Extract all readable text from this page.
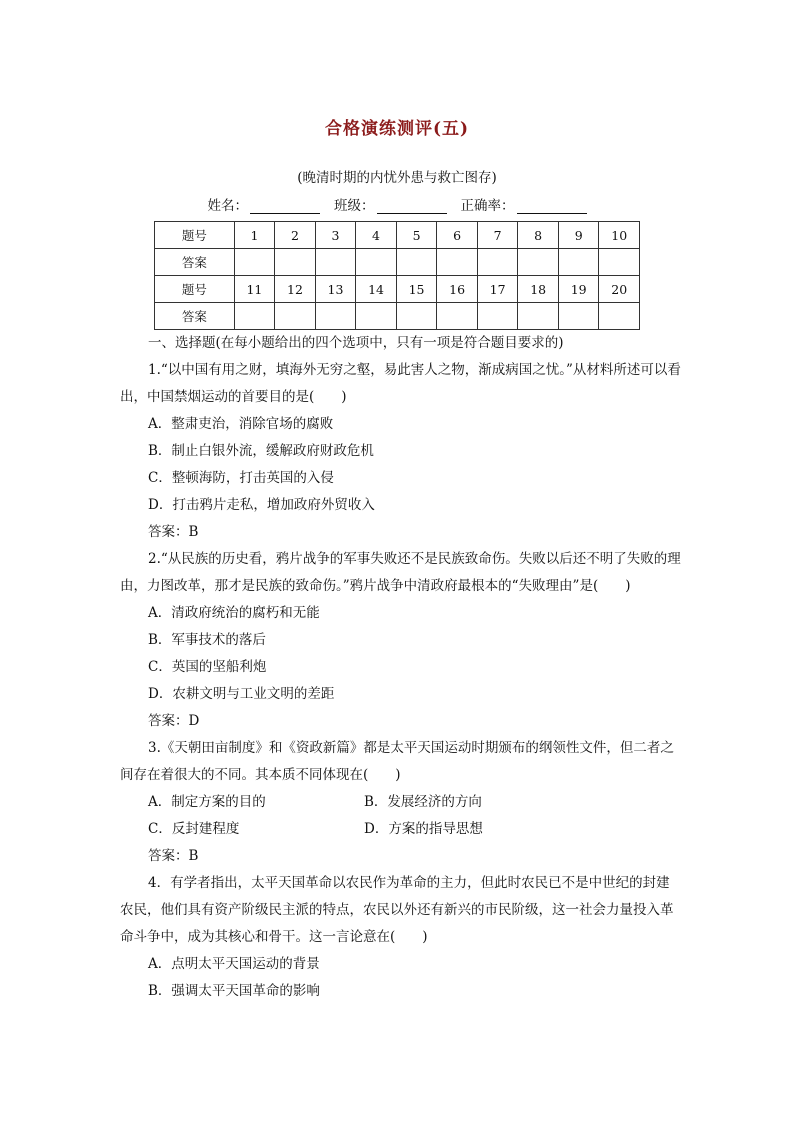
合格演练测评(五)
(晚清时期的内忧外患与救亡图存)
姓名：	班级：	正确率：
题号	1	2	3	4	5	6	7	8	9	10
答案										
题号	11	12	13	14	15	16	17	18	19	20
答案										

一、选择题(在每小题给出的四个选项中，只有一项是符合题目要求的)

1.“以中国有用之财，填海外无穷之壑，易此害人之物，渐成病国之忧。”从材料所述可以看出，中国禁烟运动的首要目的是(　　)

A．整肃吏治，消除官场的腐败

B．制止白银外流，缓解政府财政危机

C．整顿海防，打击英国的入侵

D．打击鸦片走私，增加政府外贸收入

答案：B

2.“从民族的历史看，鸦片战争的军事失败还不是民族致命伤。失败以后还不明了失败的理由，力图改革，那才是民族的致命伤。”鸦片战争中清政府最根本的“失败理由”是(　　)

A．清政府统治的腐朽和无能

B．军事技术的落后

C．英国的坚船利炮

D．农耕文明与工业文明的差距

答案：D

3.《天朝田亩制度》和《资政新篇》都是太平天国运动时期颁布的纲领性文件，但二者之间存在着很大的不同。其本质不同体现在(　　)

A．制定方案的目的	B．发展经济的方向
C．反封建程度	D．方案的指导思想

答案：B

4．有学者指出，太平天国革命以农民作为革命的主力，但此时农民已不是中世纪的封建农民，他们具有资产阶级民主派的特点，农民以外还有新兴的市民阶级，这一社会力量投入革命斗争中，成为其核心和骨干。这一言论意在(　　)

A．点明太平天国运动的背景

B．强调太平天国革命的影响
